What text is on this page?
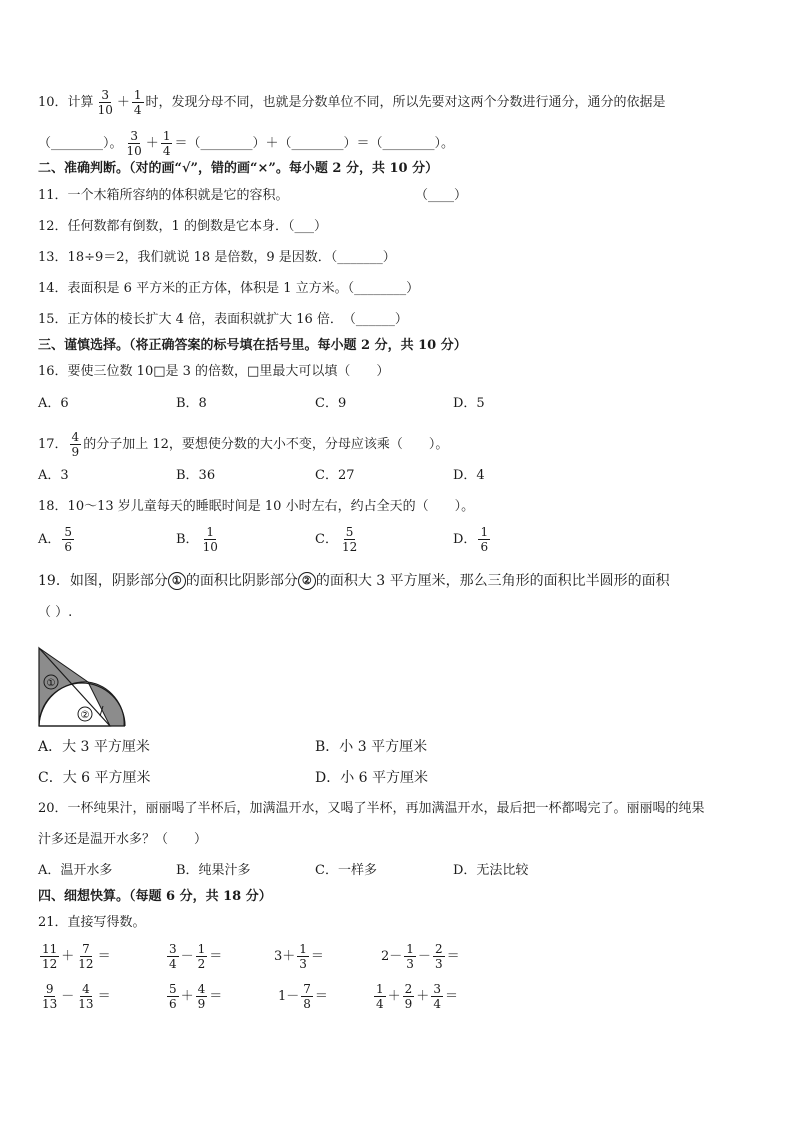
10．计算 $\frac{3}{10} + \frac{1}{4}$ 时，发现分母不同，也就是分数单位不同，所以先要对这两个分数进行通分，通分的依据是
（________）。 $\frac{3}{10} + \frac{1}{4}$ ＝（________）＋（________）＝（________）。
二、准确判断。（对的画“√”，错的画“×”。每小题 2 分，共 10 分）
11．一个木箱所容纳的体积就是它的容积。	（____）
12．任何数都有倒数，1 的倒数是它本身．（___）
13．18÷9＝2，我们就说 18 是倍数，9 是因数．（_______）
14．表面积是 6 平方米的正方体，体积是 1 立方米。（________）
15．正方体的棱长扩大 4 倍，表面积就扩大 16 倍．　（______）
三、谨慎选择。（将正确答案的标号填在括号里。每小题 2 分，共 10 分）
16．要使三位数 10□是 3 的倍数，□里最大可以填（　　）
A．6	B．8	C．9	D．5
17． $\frac{4}{9}$ 的分子加上 12，要想使分数的大小不变，分母应该乘（　　）。
A．3	B．36	C．27	D．4
18．10～13 岁儿童每天的睡眠时间是 10 小时左右，约占全天的（　　）。
A． $\frac{5}{6}$	B． $\frac{1}{10}$	C． $\frac{5}{12}$	D． $\frac{1}{6}$
19．如图，阴影部分 ① 的面积比阴影部分 ② 的面积大 3 平方厘米，那么三角形的面积比半圆形的面积
（ ）.
①
②
A．大 3 平方厘米	B．小 3 平方厘米
C．大 6 平方厘米	D．小 6 平方厘米
20．一杯纯果汁，丽丽喝了半杯后，加满温开水，又喝了半杯，再加满温开水，最后把一杯都喝完了。丽丽喝的纯果
汁多还是温开水多？（　　）
A．温开水多	B．纯果汁多	C．一样多	D．无法比较
四、细想快算。（每题 6 分，共 18 分）
21．直接写得数。
$\frac{11}{12} + \frac{7}{12}$ ＝	$\frac{3}{4} - \frac{1}{2}$ ＝	$3+ \frac{1}{3}$ ＝	$2- \frac{1}{3} - \frac{2}{3}$ ＝
$\frac{9}{13} - \frac{4}{13}$ ＝	$\frac{5}{6} + \frac{4}{9}$ ＝	$1- \frac{7}{8}$ ＝	$\frac{1}{4} + \frac{2}{9} + \frac{3}{4}$ ＝
